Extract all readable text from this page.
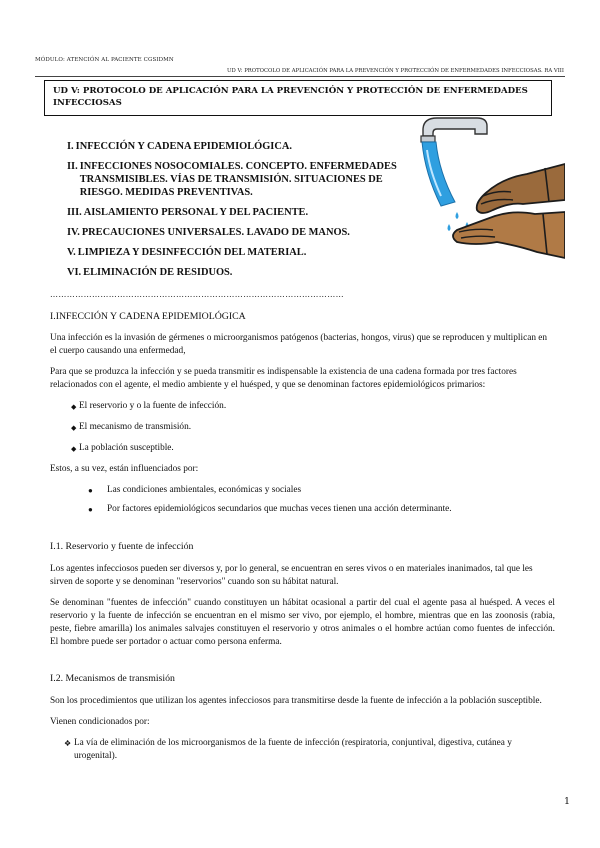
MÓDULO: ATENCIÓN AL PACIENTE CGSIDMN
UD V: PROTOCOLO DE APLICACIÓN PARA LA PREVENCIÓN Y PROTECCIÓN DE ENFERMEDADES INFECCIOSAS. RA VIII
UD V: PROTOCOLO DE APLICACIÓN PARA LA PREVENCIÓN Y PROTECCIÓN DE ENFERMEDADES INFECCIOSAS
I. INFECCIÓN Y CADENA EPIDEMIOLÓGICA.
II. INFECCIONES NOSOCOMIALES. CONCEPTO. ENFERMEDADES TRANSMISIBLES. VÍAS DE TRANSMISIÓN. SITUACIONES DE RIESGO. MEDIDAS PREVENTIVAS.
III. AISLAMIENTO PERSONAL Y DEL PACIENTE.
IV. PRECAUCIONES UNIVERSALES. LAVADO DE MANOS.
V. LIMPIEZA Y DESINFECCIÓN DEL MATERIAL.
VI. ELIMINACIÓN DE RESIDUOS.
……………………………………………………………………………………………
I.INFECCIÓN Y CADENA EPIDEMIOLÓGICA
Una infección es la invasión de gérmenes o microorganismos patógenos (bacterias, hongos, virus) que se reproducen y multiplican en el cuerpo causando una enfermedad,
Para que se produzca la infección y se pueda transmitir es indispensable la existencia de una cadena formada por tres factores relacionados con el agente, el medio ambiente y el huésped, y que se denominan factores epidemiológicos primarios:
◆ El reservorio y o la fuente de infección.
◆ El mecanismo de transmisión.
◆ La población susceptible.
Estos, a su vez, están influenciados por:
●	Las condiciones ambientales, económicas y sociales
●	Por factores epidemiológicos secundarios que muchas veces tienen una acción determinante.
I.1. Reservorio y fuente de infección
Los agentes infecciosos pueden ser diversos y, por lo general, se encuentran en seres vivos o en materiales inanimados, tal que les sirven de soporte y se denominan "reservorios" cuando son su hábitat natural.
Se denominan "fuentes de infección" cuando constituyen un hábitat ocasional a partir del cual el agente pasa al huésped. A veces el reservorio y la fuente de infección se encuentran en el mismo ser vivo, por ejemplo, el hombre, mientras que en las zoonosis (rabia, peste, fiebre amarilla) los animales salvajes constituyen el reservorio y otros animales o el hombre actúan como fuentes de infección. El hombre puede ser portador o actuar como persona enferma.
I.2. Mecanismos de transmisión
Son los procedimientos que utilizan los agentes infecciosos para transmitirse desde la fuente de infección a la población susceptible.
Vienen condicionados por:
❖ La vía de eliminación de los microorganismos de la fuente de infección (respiratoria, conjuntival, digestiva, cutánea y urogenital).
1
